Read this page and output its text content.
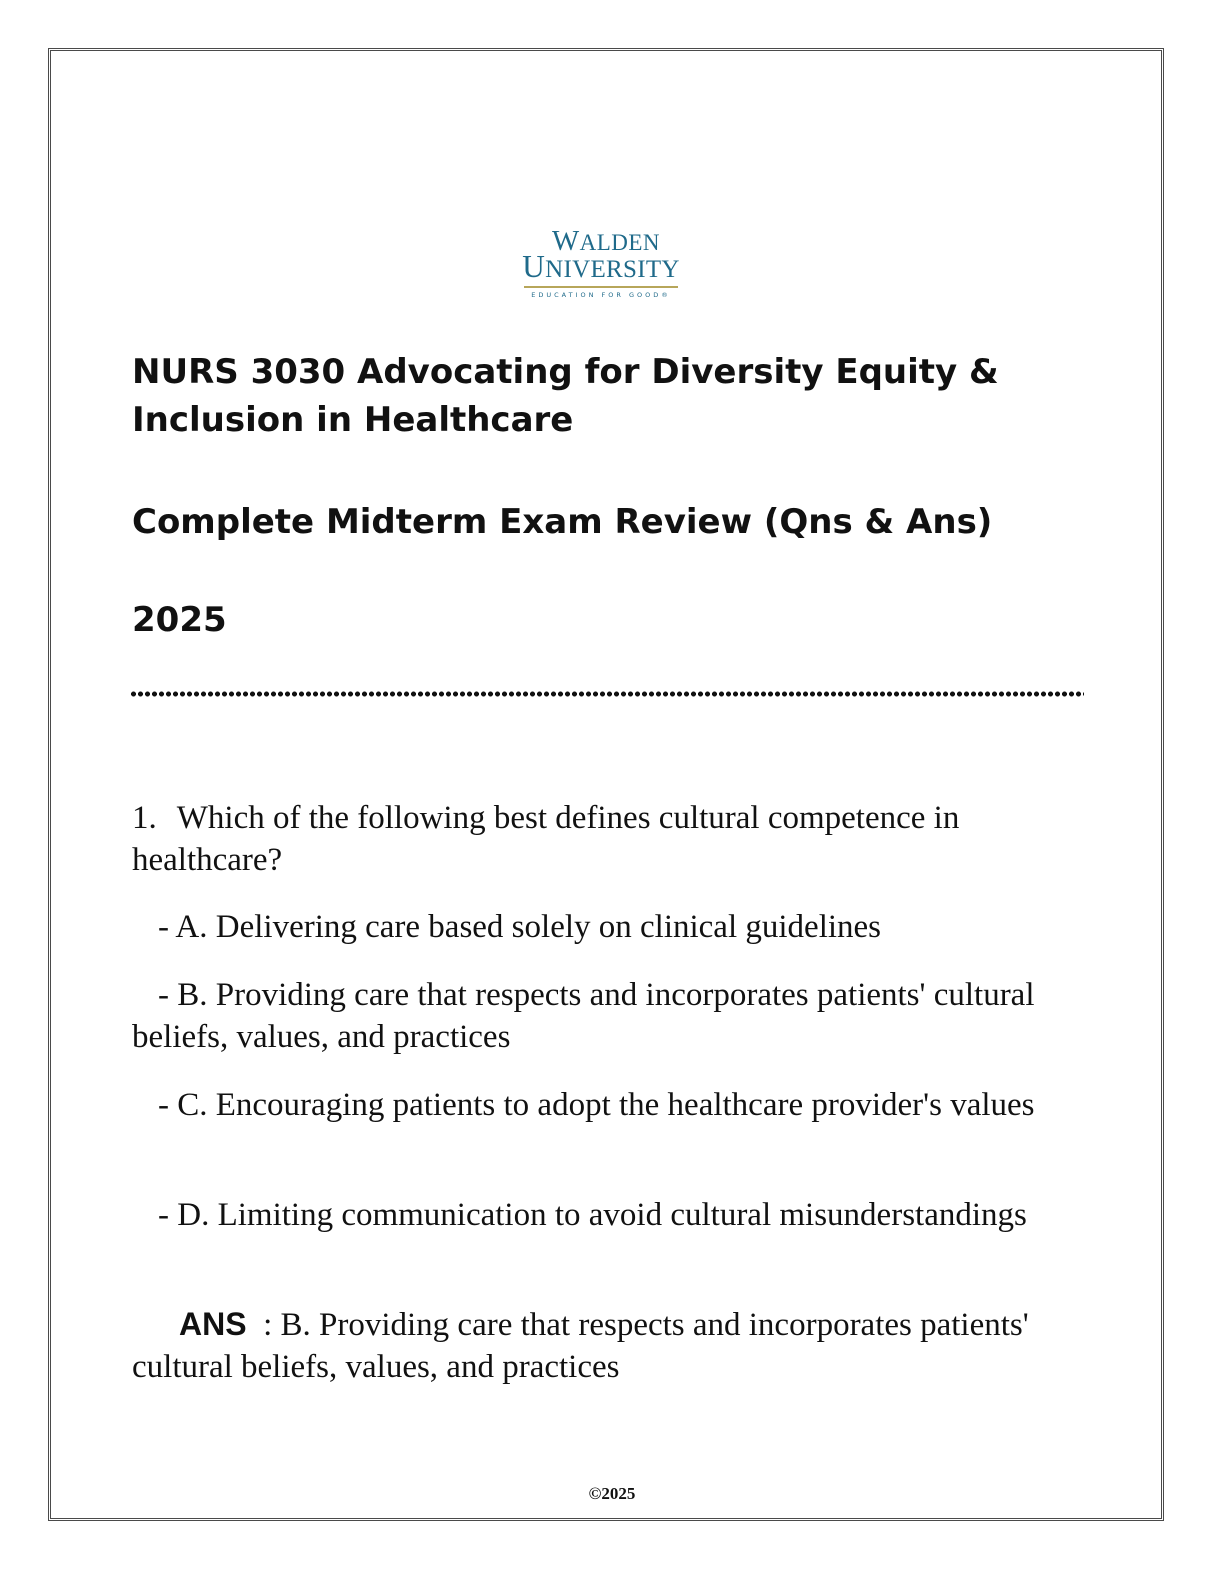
WALDEN
UNIVERSITY
EDUCATION FOR GOOD®
NURS 3030 Advocating for Diversity Equity & Inclusion in Healthcare
Complete Midterm Exam Review (Qns & Ans)
2025

1. Which of the following best defines cultural competence in healthcare?

- A. Delivering care based solely on clinical guidelines

- B. Providing care that respects and incorporates patients' cultural beliefs, values, and practices

- C. Encouraging patients to adopt the healthcare provider's values

- D. Limiting communication to avoid cultural misunderstandings

ANS : B. Providing care that respects and incorporates patients' cultural beliefs, values, and practices

©2025
